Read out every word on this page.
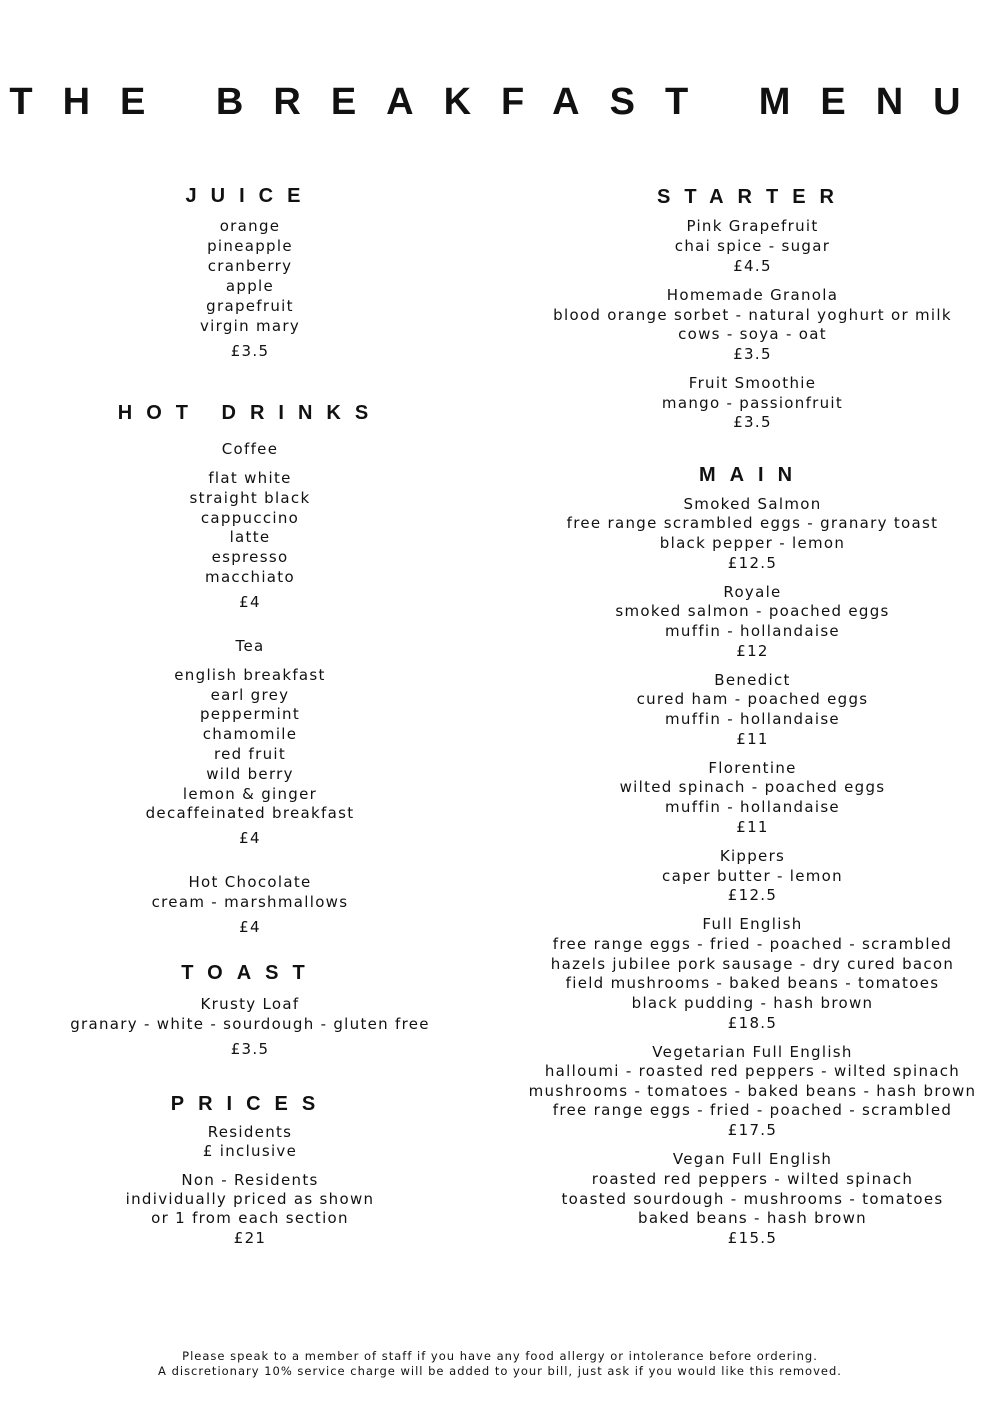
THE BREAKFAST MENU
JUICE
orange
pineapple
cranberry
apple
grapefruit
virgin mary
£3.5
HOT DRINKS
Coffee
flat white
straight black
cappuccino
latte
espresso
macchiato
£4
Tea
english breakfast
earl grey
peppermint
chamomile
red fruit
wild berry
lemon & ginger
decaffeinated breakfast
£4
Hot Chocolate
cream - marshmallows
£4
TOAST
Krusty Loaf
granary - white - sourdough - gluten free
£3.5
PRICES
Residents
£ inclusive
Non - Residents
individually priced as shown
or 1 from each section
£21
STARTER
Pink Grapefruit
chai spice - sugar
£4.5
Homemade Granola
blood orange sorbet - natural yoghurt or milk
cows - soya - oat
£3.5
Fruit Smoothie
mango - passionfruit
£3.5
MAIN
Smoked Salmon
free range scrambled eggs - granary toast
black pepper - lemon
£12.5
Royale
smoked salmon - poached eggs
muffin - hollandaise
£12
Benedict
cured ham - poached eggs
muffin - hollandaise
£11
Florentine
wilted spinach - poached eggs
muffin - hollandaise
£11
Kippers
caper butter - lemon
£12.5
Full English
free range eggs - fried - poached - scrambled
hazels jubilee pork sausage - dry cured bacon
field mushrooms - baked beans - tomatoes
black pudding - hash brown
£18.5
Vegetarian Full English
halloumi - roasted red peppers - wilted spinach
mushrooms - tomatoes - baked beans - hash brown
free range eggs - fried - poached - scrambled
£17.5
Vegan Full English
roasted red peppers - wilted spinach
toasted sourdough - mushrooms - tomatoes
baked beans - hash brown
£15.5
Please speak to a member of staff if you have any food allergy or intolerance before ordering.
A discretionary 10% service charge will be added to your bill, just ask if you would like this removed.
